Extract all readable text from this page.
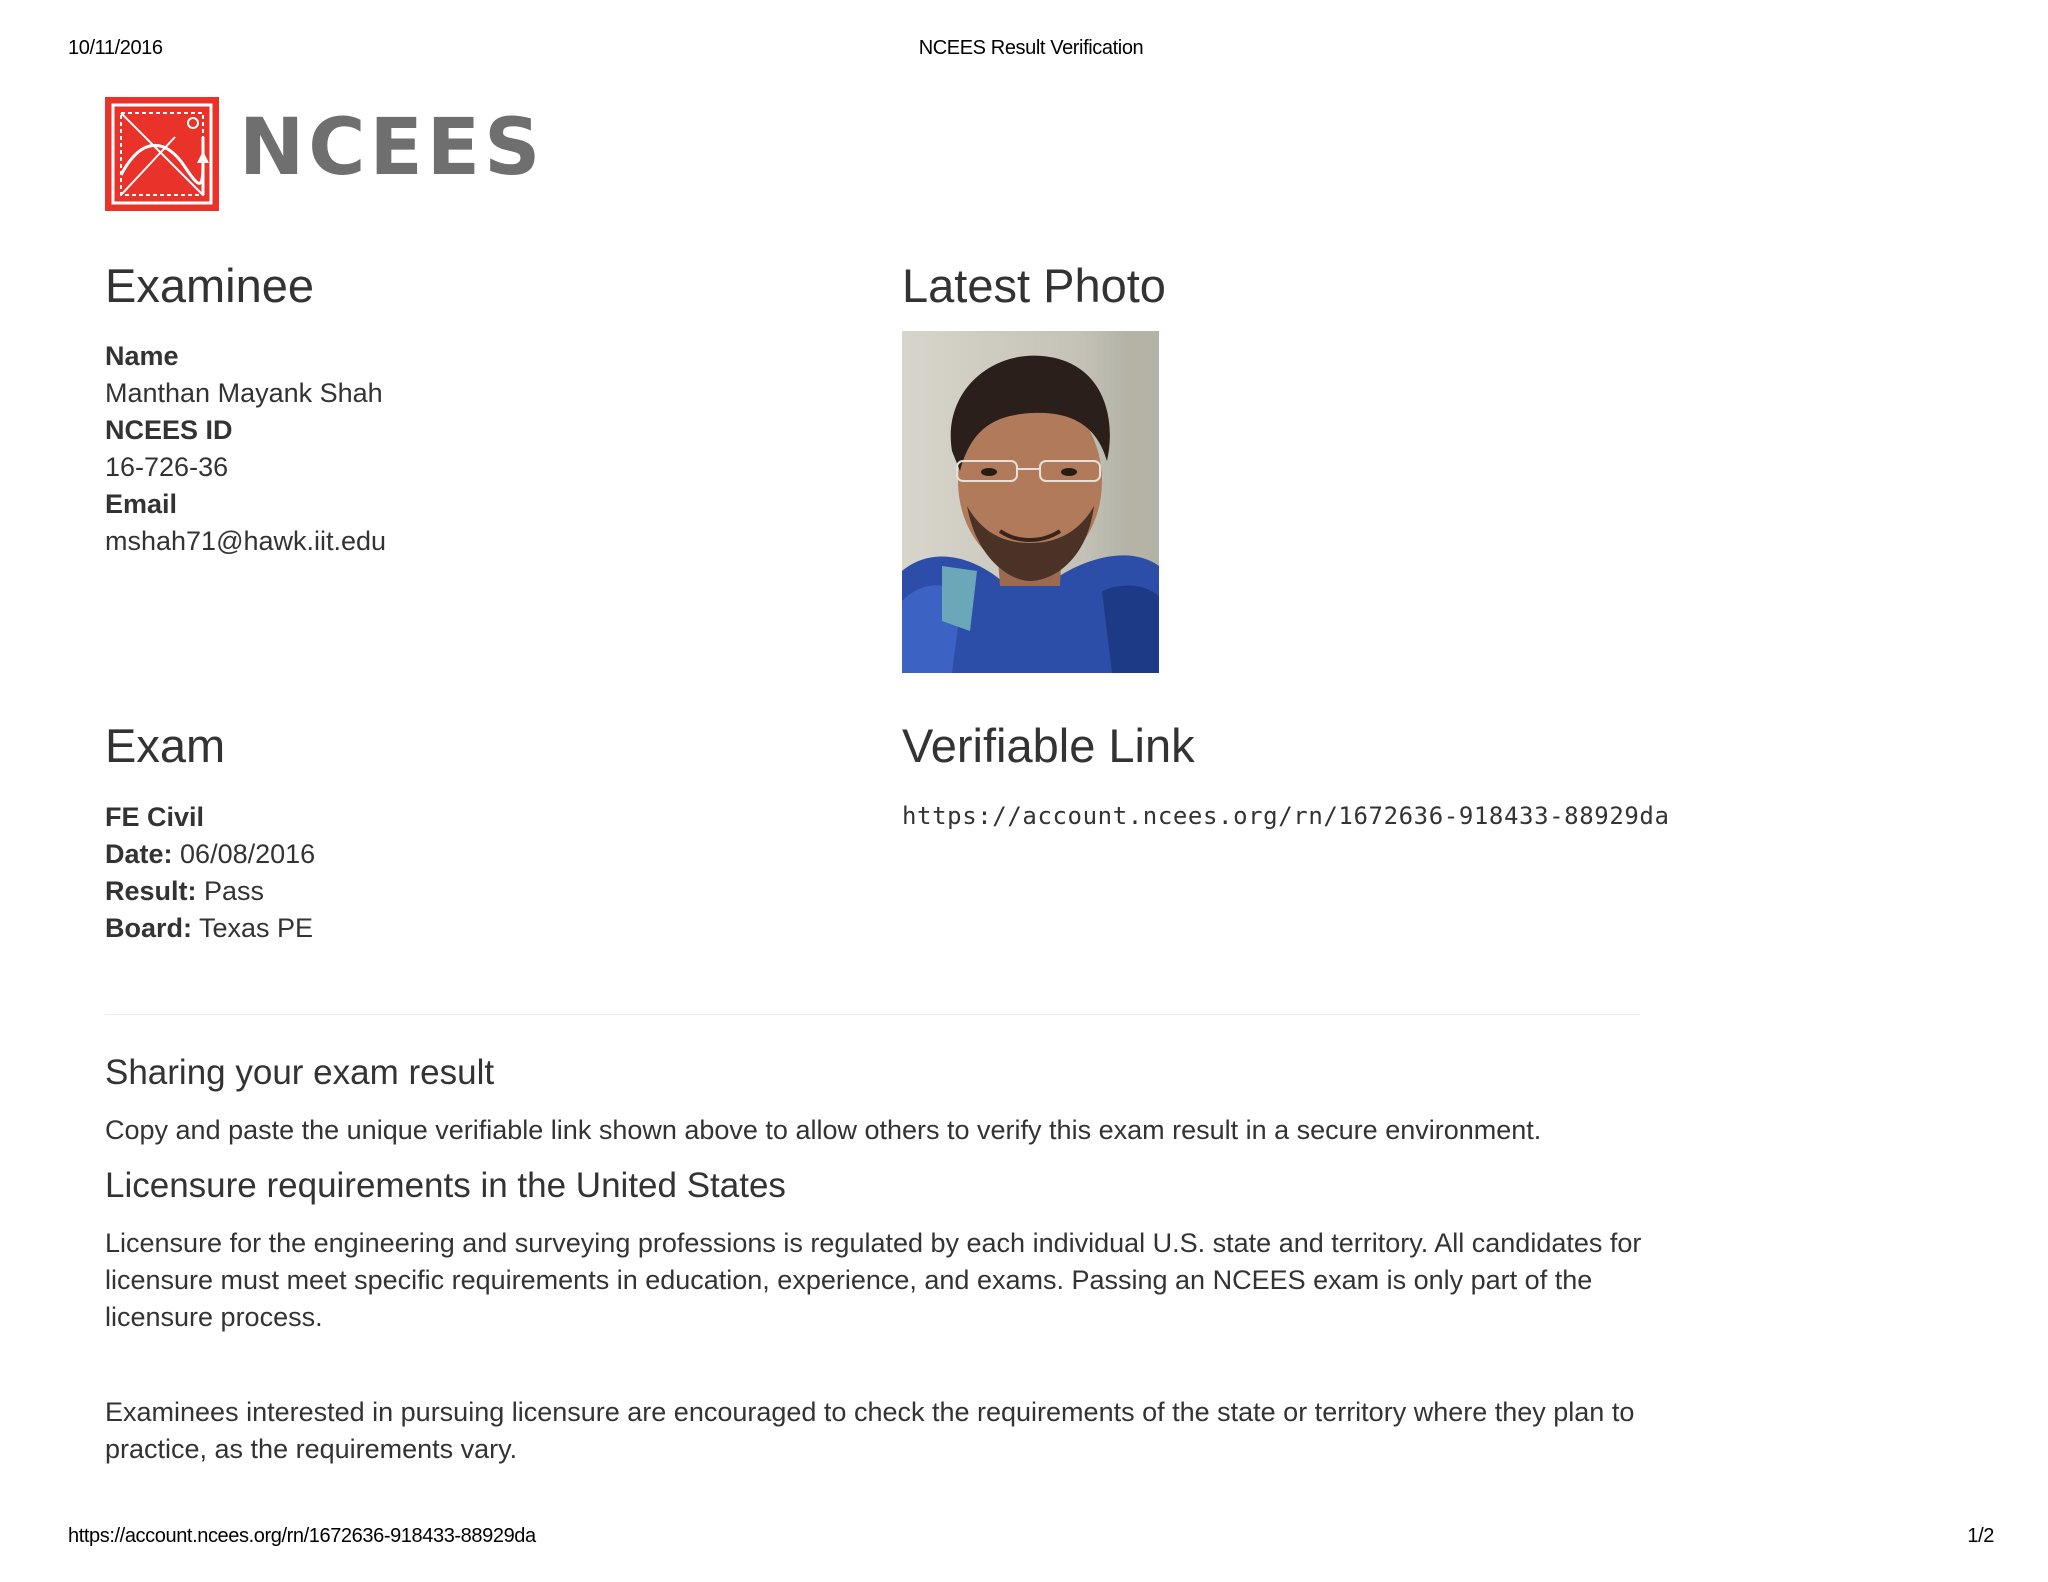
10/11/2016	NCEES Result Verification
NCEES
Examinee
Name
Manthan Mayank Shah
NCEES ID
16-726-36
Email
mshah71@hawk.iit.edu
Latest Photo
Exam
FE Civil
Date: 06/08/2016
Result: Pass
Board: Texas PE
Verifiable Link
https://account.ncees.org/rn/1672636-918433-88929da
Sharing your exam result

Copy and paste the unique verifiable link shown above to allow others to verify this exam result in a secure environment.

Licensure requirements in the United States

Licensure for the engineering and surveying professions is regulated by each individual U.S. state and territory. All candidates for licensure must meet specific requirements in education, experience, and exams. Passing an NCEES exam is only part of the licensure process.

Examinees interested in pursuing licensure are encouraged to check the requirements of the state or territory where they plan to practice, as the requirements vary.

https://account.ncees.org/rn/1672636-918433-88929da	1/2
